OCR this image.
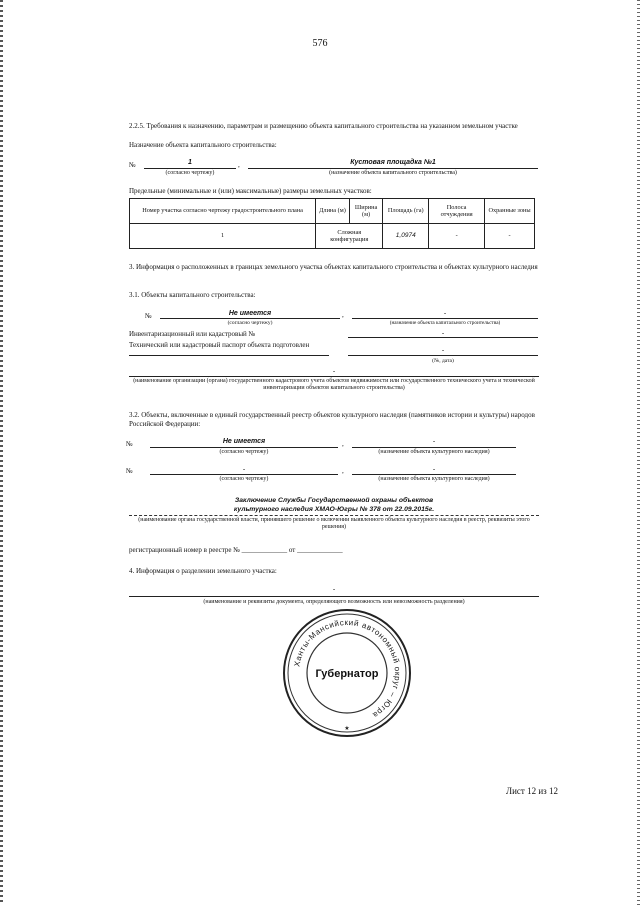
576
2.2.5. Требования к назначению, параметрам и размещению объекта капитального строительства на указанном земельном участке
Назначение объекта капитального строительства:
№	1	,	Кустовая площадка №1
(согласно чертежу)	(назначение объекта капитального строительства)
Предельные (минимальные и (или) максимальные) размеры земельных участков:
Номер участка согласно чертежу градостроительного плана	Длина (м)	Ширина (м)	Площадь (га)	Полоса отчуждения	Охранные зоны
1	Сложная конфигурация		1,0974	-	-
3. Информация о расположенных в границах земельного участка объектах капитального строительства и объектах культурного наследия
3.1. Объекты капитального строительства:
№	Не имеется	,	-
(согласно чертежу)	(назначение объекта капитального строительства)
Инвентаризационный или кадастровый №	-
Технический или кадастровый паспорт объекта подготовлен
-
(№, дата)
-
(наименование организации (органа) государственного кадастрового учета объектов недвижимости или государственного технического учета и технической инвентаризации объектов капитального строительства)
3.2. Объекты, включенные в единый государственный реестр объектов культурного наследия (памятников истории и культуры) народов Российской Федерации:
№	Не имеется	,	-
(согласно чертежу)	(назначение объекта культурного наследия)
№	-	,	-
(согласно чертежу)	(назначение объекта культурного наследия)
Заключение Службы Государственной охраны объектов
культурного наследия ХМАО-Югры № 378 от 22.09.2015г.
(наименование органа государственной власти, принявшего решение о включении выявленного объекта культурного наследия в реестр, реквизиты этого решения)
регистрационный номер в реестре № _____________ от _____________
4. Информация о разделении земельного участка:
-
(наименование и реквизиты документа, определяющего возможность или невозможность разделения)
Ханты-Мансийский автономный округ – Югра
Губернатор
★
Лист 12 из 12
